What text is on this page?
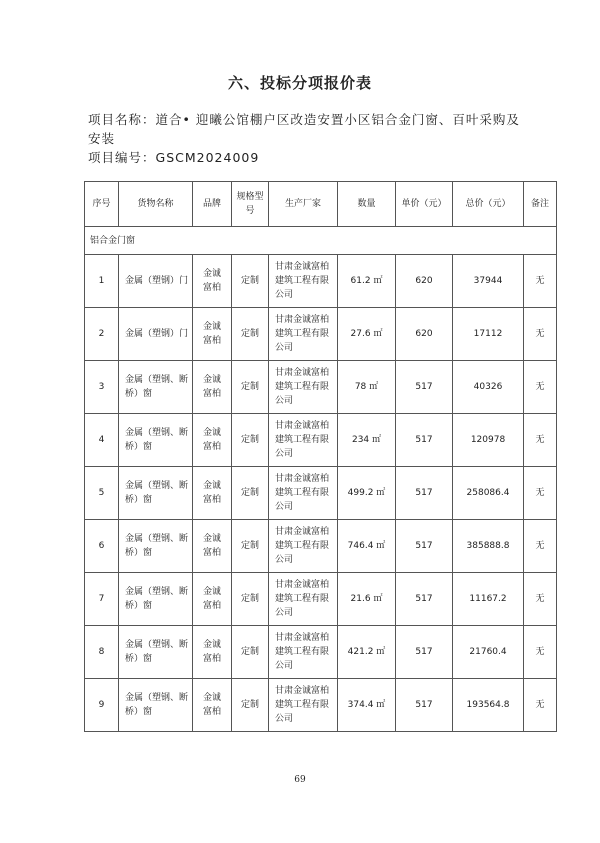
六、投标分项报价表
项目名称：道合• 迎曦公馆棚户区改造安置小区铝合金门窗、百叶采购及安装
项目编号：GSCM2024009
序号	货物名称	品牌	规格型号	生产厂家	数量	单价（元）	总价（元）	备注
铝合金门窗								
1	金属（塑钢）门	金诚富柏	定制	甘肃金诚富柏建筑工程有限公司	61.2 ㎡	620	37944	无
2	金属（塑钢）门	金诚富柏	定制	甘肃金诚富柏建筑工程有限公司	27.6 ㎡	620	17112	无
3	金属（塑钢、断桥）窗	金诚富柏	定制	甘肃金诚富柏建筑工程有限公司	78 ㎡	517	40326	无
4	金属（塑钢、断桥）窗	金诚富柏	定制	甘肃金诚富柏建筑工程有限公司	234 ㎡	517	120978	无
5	金属（塑钢、断桥）窗	金诚富柏	定制	甘肃金诚富柏建筑工程有限公司	499.2 ㎡	517	258086.4	无
6	金属（塑钢、断桥）窗	金诚富柏	定制	甘肃金诚富柏建筑工程有限公司	746.4 ㎡	517	385888.8	无
7	金属（塑钢、断桥）窗	金诚富柏	定制	甘肃金诚富柏建筑工程有限公司	21.6 ㎡	517	11167.2	无
8	金属（塑钢、断桥）窗	金诚富柏	定制	甘肃金诚富柏建筑工程有限公司	421.2 ㎡	517	21760.4	无
9	金属（塑钢、断桥）窗	金诚富柏	定制	甘肃金诚富柏建筑工程有限公司	374.4 ㎡	517	193564.8	无
69
